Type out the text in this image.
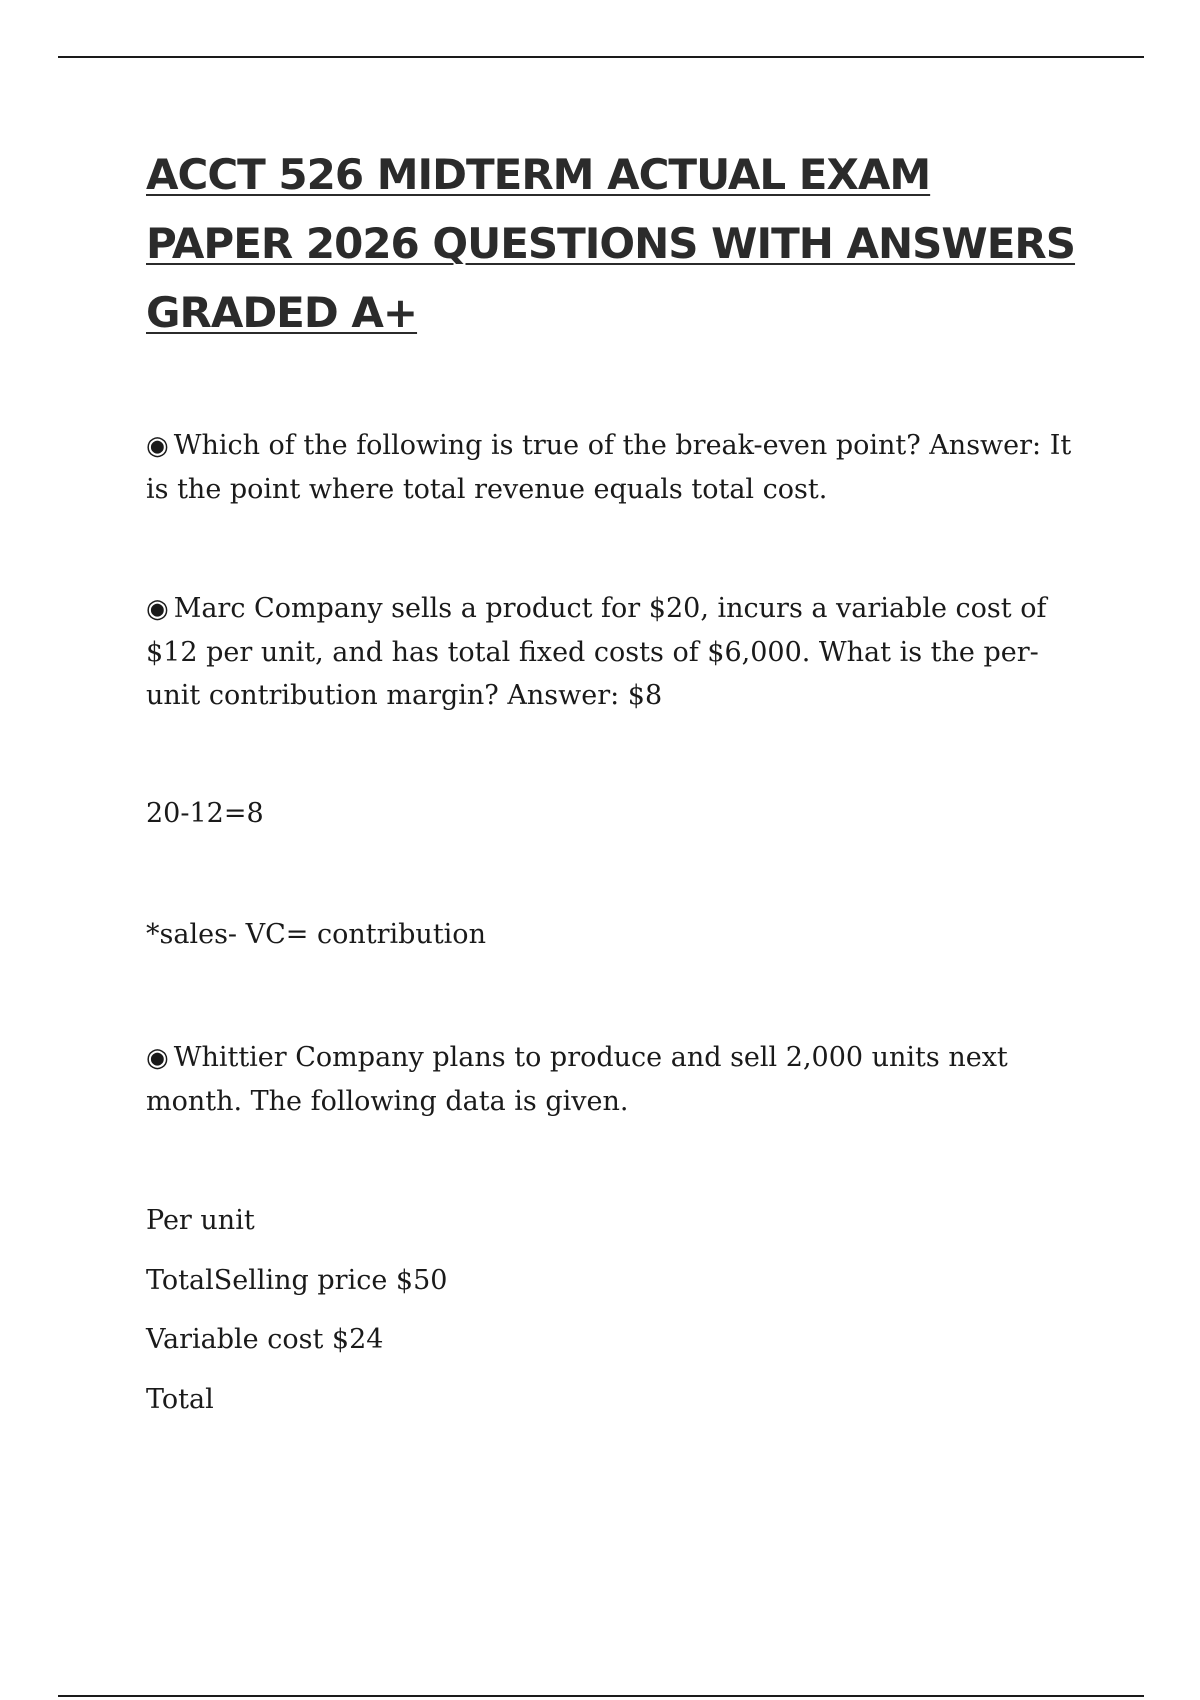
ACCT 526 MIDTERM ACTUAL EXAM PAPER 2026 QUESTIONS WITH ANSWERS GRADED A+

◉ Which of the following is true of the break-even point? Answer: It is the point where total revenue equals total cost.

◉ Marc Company sells a product for $20, incurs a variable cost of $12 per unit, and has total fixed costs of $6,000. What is the per-unit contribution margin? Answer: $8

20-12=8

*sales- VC= contribution

◉ Whittier Company plans to produce and sell 2,000 units next month. The following data is given.

Per unit

TotalSelling price $50

Variable cost $24

Total
